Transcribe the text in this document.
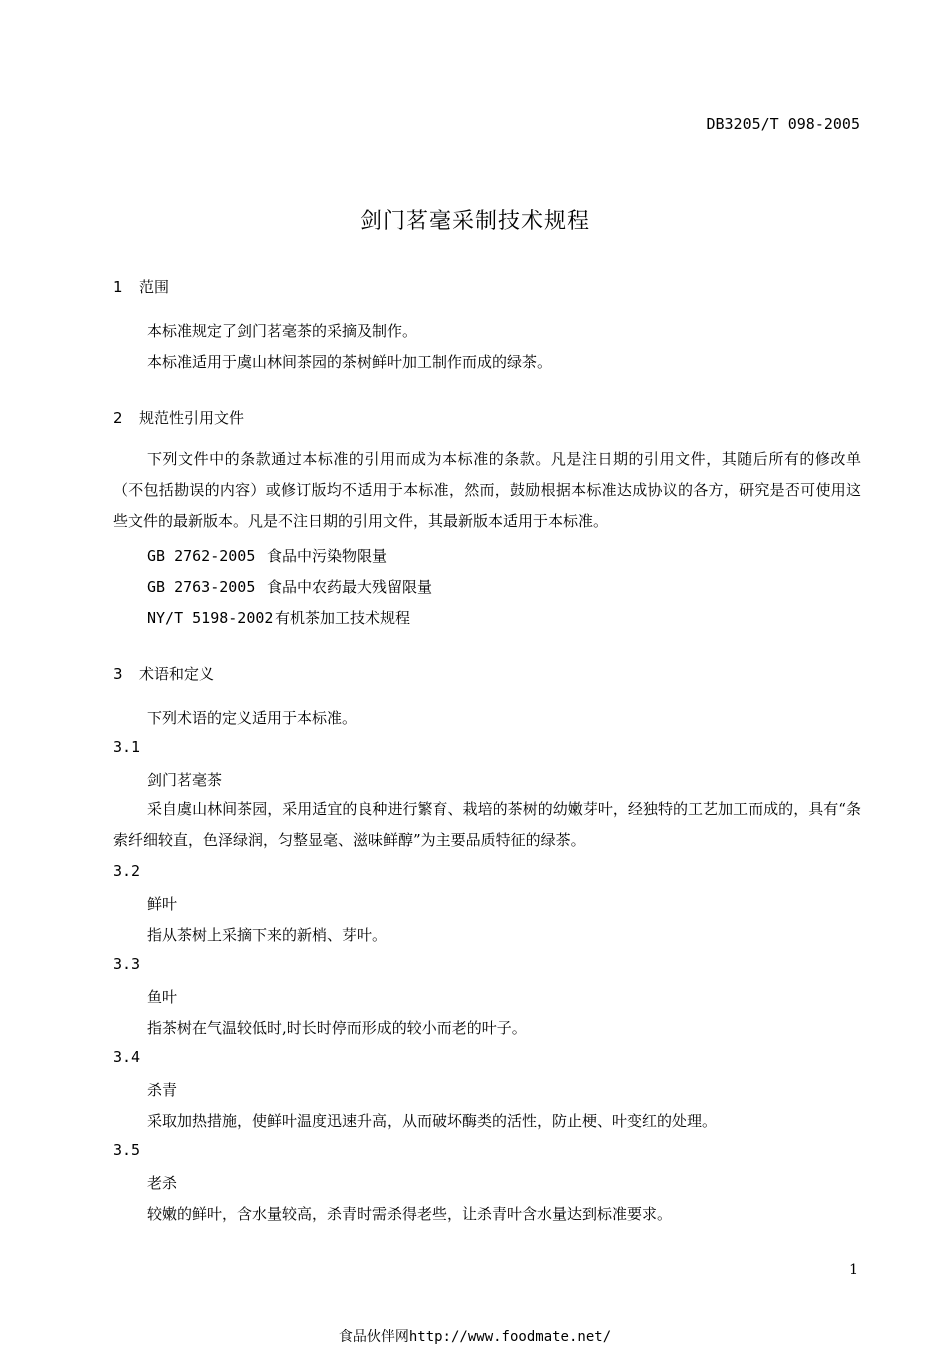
DB3205/T 098-2005
剑门茗毫采制技术规程
1 范围
本标准规定了剑门茗毫茶的采摘及制作。
本标准适用于虞山林间茶园的茶树鲜叶加工制作而成的绿茶。
2 规范性引用文件
下列文件中的条款通过本标准的引用而成为本标准的条款。凡是注日期的引用文件，其随后所有的修改单（不包括勘误的内容）或修订版均不适用于本标准，然而，鼓励根据本标准达成协议的各方，研究是否可使用这些文件的最新版本。凡是不注日期的引用文件，其最新版本适用于本标准。
GB 2762-2005 食品中污染物限量
GB 2763-2005 食品中农药最大残留限量
NY/T 5198-2002 有机茶加工技术规程
3 术语和定义
下列术语的定义适用于本标准。
3.1
剑门茗毫茶
采自虞山林间茶园，采用适宜的良种进行繁育、栽培的茶树的幼嫩芽叶，经独特的工艺加工而成的，具有“条索纤细较直，色泽绿润，匀整显毫、滋味鲜醇”为主要品质特征的绿茶。
3.2
鲜叶
指从茶树上采摘下来的新梢、芽叶。
3.3
鱼叶
指茶树在气温较低时,时长时停而形成的较小而老的叶子。
3.4
杀青
采取加热措施，使鲜叶温度迅速升高，从而破坏酶类的活性，防止梗、叶变红的处理。
3.5
老杀
较嫩的鲜叶，含水量较高，杀青时需杀得老些，让杀青叶含水量达到标准要求。
1
食品伙伴网http://www.foodmate.net/
